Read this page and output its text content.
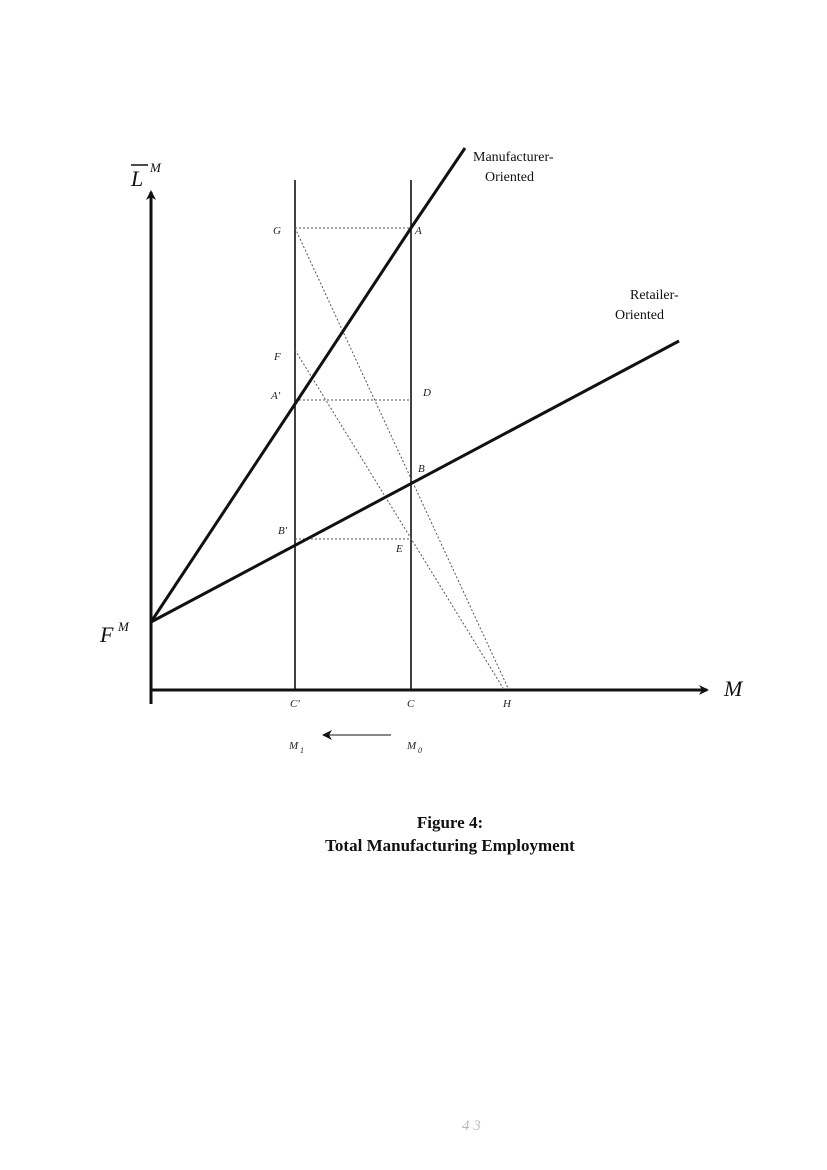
Manufacturer-
Oriented
Retailer-
Oriented
L M
F M
M
G	A
F
A'	D
B
B'
E
C'	C	H
M 1	M 0
Figure 4:
Total Manufacturing Employment
4 3
